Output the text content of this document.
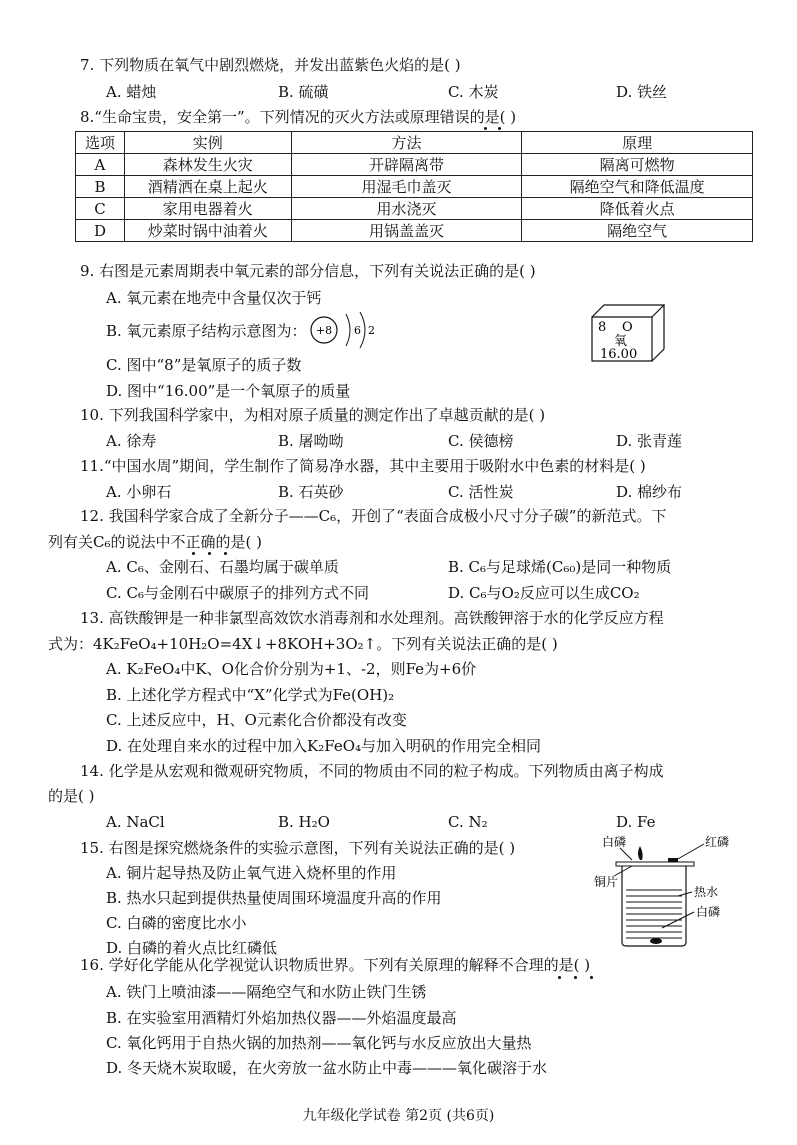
7. 下列物质在氧气中剧烈燃烧，并发出蓝紫色火焰的是( )
A. 蜡烛	B. 硫磺	C. 木炭	D. 铁丝
8.“生命宝贵，安全第一”。下列情况的灭火方法或原理错误的是( )
选项	实例	方法	原理
A	森林发生火灾	开辟隔离带	隔离可燃物
B	酒精洒在桌上起火	用湿毛巾盖灭	隔绝空气和降低温度
C	家用电器着火	用水浇灭	降低着火点
D	炒菜时锅中油着火	用锅盖盖灭	隔绝空气
9. 右图是元素周期表中氧元素的部分信息，下列有关说法正确的是( )
A. 氧元素在地壳中含量仅次于钙
B. 氧元素原子结构示意图为： +8 6 2
C. 图中“8”是氧原子的质子数
D. 图中“16.00”是一个氧原子的质量
8 O
氧
16.00
10. 下列我国科学家中，为相对原子质量的测定作出了卓越贡献的是( )
A. 徐寿	B. 屠呦呦	C. 侯德榜	D. 张青莲
11.“中国水周”期间，学生制作了简易净水器，其中主要用于吸附水中色素的材料是( )
A. 小卵石	B. 石英砂	C. 活性炭	D. 棉纱布
12. 我国科学家合成了全新分子——C₆，开创了“表面合成极小尺寸分子碳”的新范式。下
列有关C₆的说法中不正确的是( )
A. C₆、金刚石、石墨均属于碳单质	B. C₆与足球烯(C₆₀)是同一种物质
C. C₆与金刚石中碳原子的排列方式不同	D. C₆与O₂反应可以生成CO₂
13. 高铁酸钾是一种非氯型高效饮水消毒剂和水处理剂。高铁酸钾溶于水的化学反应方程
式为：4K₂FeO₄+10H₂O=4X↓+8KOH+3O₂↑。下列有关说法正确的是( )
A. K₂FeO₄中K、O化合价分别为+1、-2，则Fe为+6价
B. 上述化学方程式中“X”化学式为Fe(OH)₂
C. 上述反应中，H、O元素化合价都没有改变
D. 在处理自来水的过程中加入K₂FeO₄与加入明矾的作用完全相同
14. 化学是从宏观和微观研究物质，不同的物质由不同的粒子构成。下列物质由离子构成
的是( )
A. NaCl	B. H₂O	C. N₂	D. Fe
15. 右图是探究燃烧条件的实验示意图，下列有关说法正确的是( )
A. 铜片起导热及防止氧气进入烧杯里的作用
B. 热水只起到提供热量使周围环境温度升高的作用
C. 白磷的密度比水小
D. 白磷的着火点比红磷低
白磷	红磷
铜片
热水
白磷
16. 学好化学能从化学视觉认识物质世界。下列有关原理的解释不合理的是( )
A. 铁门上喷油漆——隔绝空气和水防止铁门生锈
B. 在实验室用酒精灯外焰加热仪器——外焰温度最高
C. 氧化钙用于自热火锅的加热剂——氧化钙与水反应放出大量热
D. 冬天烧木炭取暖，在火旁放一盆水防止中毒———氧化碳溶于水
九年级化学试卷 第2页 (共6页)
